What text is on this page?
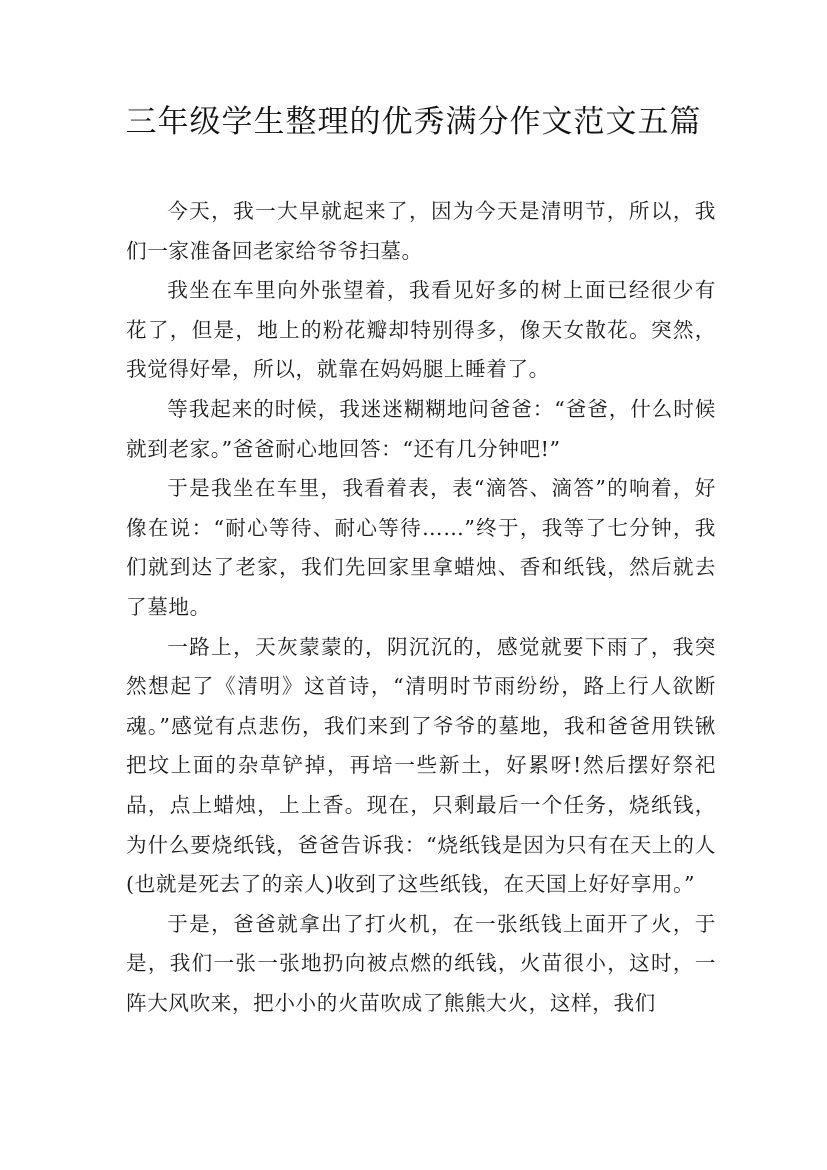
三年级学生整理的优秀满分作文范文五篇

今天，我一大早就起来了，因为今天是清明节，所以，我们一家准备回老家给爷爷扫墓。

我坐在车里向外张望着，我看见好多的树上面已经很少有花了，但是，地上的粉花瓣却特别得多，像天女散花。突然，我觉得好晕，所以，就靠在妈妈腿上睡着了。

等我起来的时候，我迷迷糊糊地问爸爸：“爸爸，什么时候就到老家。”爸爸耐心地回答：“还有几分钟吧!”

于是我坐在车里，我看着表，表“滴答、滴答”的响着，好像在说：“耐心等待、耐心等待……”终于，我等了七分钟，我们就到达了老家，我们先回家里拿蜡烛、香和纸钱，然后就去了墓地。

一路上，天灰蒙蒙的，阴沉沉的，感觉就要下雨了，我突然想起了《清明》这首诗，“清明时节雨纷纷，路上行人欲断魂。”感觉有点悲伤，我们来到了爷爷的墓地，我和爸爸用铁锹把坟上面的杂草铲掉，再培一些新土，好累呀!然后摆好祭祀品，点上蜡烛，上上香。现在，只剩最后一个任务，烧纸钱，为什么要烧纸钱，爸爸告诉我：“烧纸钱是因为只有在天上的人(也就是死去了的亲人)收到了这些纸钱，在天国上好好享用。”

于是，爸爸就拿出了打火机，在一张纸钱上面开了火，于是，我们一张一张地扔向被点燃的纸钱，火苗很小，这时，一阵大风吹来，把小小的火苗吹成了熊熊大火，这样，我们
